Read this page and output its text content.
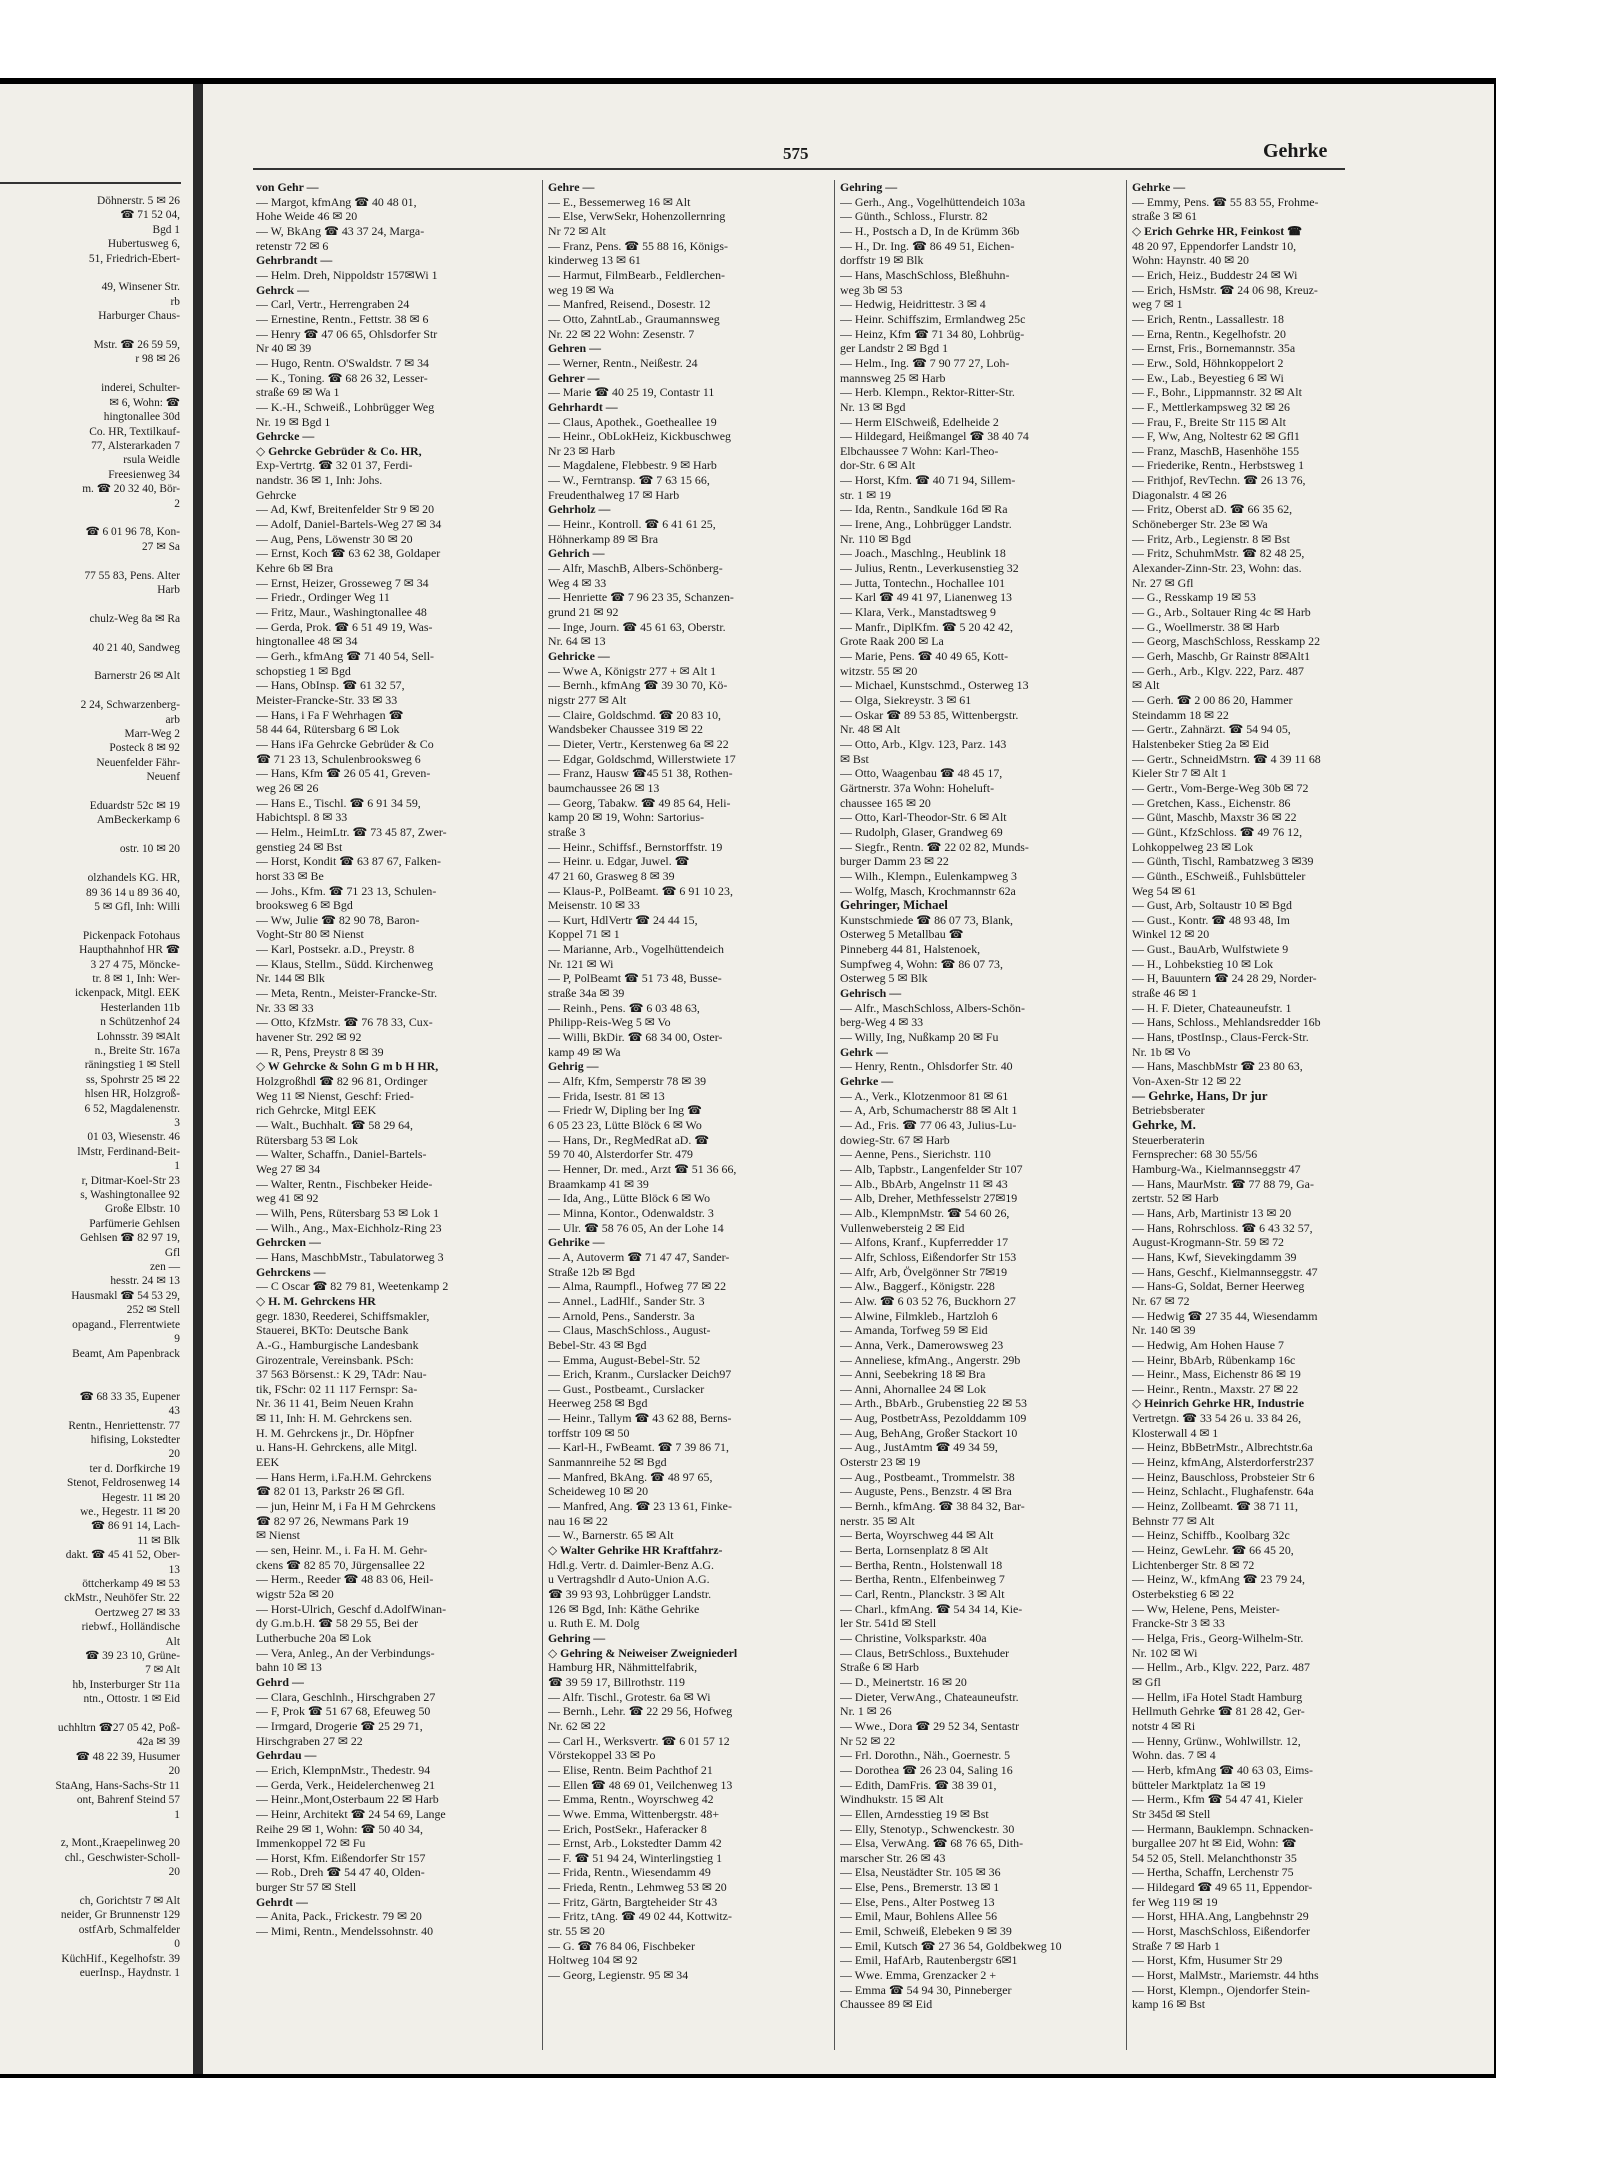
Döhnerstr. 5 ✉ 26
☎ 71 52 04,
Bgd 1
Hubertusweg 6,
51, Friedrich-Ebert-

49, Winsener Str.
rb
Harburger Chaus-

Mstr. ☎ 26 59 59,
r 98 ✉ 26

inderei, Schulter-
✉ 6, Wohn: ☎
hingtonallee 30d
Co. HR, Textilkauf-
77, Alsterarkaden 7
rsula Weidle
Freesienweg 34
m. ☎ 20 32 40, Bör-
2

☎ 6 01 96 78, Kon-
27 ✉ Sa

77 55 83, Pens. Alter
Harb

chulz-Weg 8a ✉ Ra

40 21 40, Sandweg

Barnerstr 26 ✉ Alt

2 24, Schwarzenberg-
arb
Marr-Weg 2
Posteck 8 ✉ 92
Neuenfelder Fähr-
Neuenf

Eduardstr 52c ✉ 19
AmBeckerkamp 6

ostr. 10 ✉ 20

olzhandels KG. HR,
89 36 14 u 89 36 40,
5 ✉ Gfl, Inh: Willi

Pickenpack Fotohaus
Haupthahnhof HR ☎
3 27 4 75, Möncke-
tr. 8 ✉ 1, Inh: Wer-
ickenpack, Mitgl. EEK
Hesterlanden 11b
n Schützenhof 24
Lohnsstr. 39 ✉Alt
n., Breite Str. 167a
räningstieg 1 ✉ Stell
ss, Spohrstr 25 ✉ 22
hlsen HR, Holzgroß-
6 52, Magdalenenstr.
3
01 03, Wiesenstr. 46
lMstr, Ferdinand-Beit-
1
r, Ditmar-Koel-Str 23
s, Washingtonallee 92
Große Elbstr. 10
Parfümerie Gehlsen
Gehlsen ☎ 82 97 19,
Gfl
zen —
hesstr. 24 ✉ 13
Hausmakl ☎ 54 53 29,
252 ✉ Stell
opagand., Flerrentwiete
9
Beamt, Am Papenbrack

☎ 68 33 35, Eupener
43
Rentn., Henriettenstr. 77
hifising, Lokstedter
20
ter d. Dorfkirche 19
Stenot, Feldrosenweg 14
Hegestr. 11 ✉ 20
we., Hegestr. 11 ✉ 20
☎ 86 91 14, Lach-
11 ✉ Blk
dakt. ☎ 45 41 52, Ober-
13
öttcherkamp 49 ✉ 53
ckMstr., Neuhöfer Str. 22
Oertzweg 27 ✉ 33
riebwf., Holländische
Alt
☎ 39 23 10, Grüne-
7 ✉ Alt
hb, Insterburger Str 11a
ntn., Ottostr. 1 ✉ Eid

uchhltrn ☎27 05 42, Poß-
42a ✉ 39
☎ 48 22 39, Husumer
20
StaAng, Hans-Sachs-Str 11
ont, Bahrenf Steind 57
1

z, Mont.,Kraepelinweg 20
chl., Geschwister-Scholl-
20

ch, Gorichtstr 7 ✉ Alt
neider, Gr Brunnenstr 129
ostfArb, Schmalfelder
0
KüchHif., Kegelhofstr. 39
euerInsp., Haydnstr. 1
575	Gehrke
von Gehr —
— Margot, kfmAng ☎ 40 48 01,
Hohe Weide 46 ✉ 20
— W, BkAng ☎ 43 37 24, Marga-
retenstr 72 ✉ 6
Gehrbrandt —
— Helm. Dreh, Nippoldstr 157✉Wi 1
Gehrck —
— Carl, Vertr., Herrengraben 24
— Ernestine, Rentn., Fettstr. 38 ✉ 6
— Henry ☎ 47 06 65, Ohlsdorfer Str
Nr 40 ✉ 39
— Hugo, Rentn. O'Swaldstr. 7 ✉ 34
— K., Toning. ☎ 68 26 32, Lesser-
straße 69 ✉ Wa 1
— K.-H., Schweiß., Lohbrügger Weg
Nr. 19 ✉ Bgd 1
Gehrcke —
◇ Gehrcke Gebrüder & Co. HR,
Exp-Vertrtg. ☎ 32 01 37, Ferdi-
nandstr. 36 ✉ 1, Inh: Johs.
Gehrcke
— Ad, Kwf, Breitenfelder Str 9 ✉ 20
— Adolf, Daniel-Bartels-Weg 27 ✉ 34
— Aug, Pens, Löwenstr 30 ✉ 20
— Ernst, Koch ☎ 63 62 38, Goldaper
Kehre 6b ✉ Bra
— Ernst, Heizer, Grosseweg 7 ✉ 34
— Friedr., Ordinger Weg 11
— Fritz, Maur., Washingtonallee 48
— Gerda, Prok. ☎ 6 51 49 19, Was-
hingtonallee 48 ✉ 34
— Gerh., kfmAng ☎ 71 40 54, Sell-
schopstieg 1 ✉ Bgd
— Hans, ObInsp. ☎ 61 32 57,
Meister-Francke-Str. 33 ✉ 33
— Hans, i Fa F Wehrhagen ☎
58 44 64, Rütersbarg 6 ✉ Lok
— Hans iFa Gehrcke Gebrüder & Co
☎ 71 23 13, Schulenbrooksweg 6
— Hans, Kfm ☎ 26 05 41, Greven-
weg 26 ✉ 26
— Hans E., Tischl. ☎ 6 91 34 59,
Habichtspl. 8 ✉ 33
— Helm., HeimLtr. ☎ 73 45 87, Zwer-
genstieg 24 ✉ Bst
— Horst, Kondit ☎ 63 87 67, Falken-
horst 33 ✉ Be
— Johs., Kfm. ☎ 71 23 13, Schulen-
brooksweg 6 ✉ Bgd
— Ww, Julie ☎ 82 90 78, Baron-
Voght-Str 80 ✉ Nienst
— Karl, Postsekr. a.D., Preystr. 8
— Klaus, Stellm., Südd. Kirchenweg
Nr. 144 ✉ Blk
— Meta, Rentn., Meister-Francke-Str.
Nr. 33 ✉ 33
— Otto, KfzMstr. ☎ 76 78 33, Cux-
havener Str. 292 ✉ 92
— R, Pens, Preystr 8 ✉ 39
◇ W Gehrcke & Sohn G m b H HR,
Holzgroßhdl ☎ 82 96 81, Ordinger
Weg 11 ✉ Nienst, Geschf: Fried-
rich Gehrcke, Mitgl EEK
— Walt., Buchhalt. ☎ 58 29 64,
Rütersbarg 53 ✉ Lok
— Walter, Schaffn., Daniel-Bartels-
Weg 27 ✉ 34
— Walter, Rentn., Fischbeker Heide-
weg 41 ✉ 92
— Wilh, Pens, Rütersbarg 53 ✉ Lok 1
— Wilh., Ang., Max-Eichholz-Ring 23
Gehrcken —
— Hans, MaschbMstr., Tabulatorweg 3
Gehrckens —
— C Oscar ☎ 82 79 81, Weetenkamp 2
◇ H. M. Gehrckens HR
gegr. 1830, Reederei, Schiffsmakler,
Stauerei, BKTo: Deutsche Bank
A.-G., Hamburgische Landesbank
Girozentrale, Vereinsbank. PSch:
37 563 Börsenst.: K 29, TAdr: Nau-
tik, FSchr: 02 11 117 Fernspr: Sa-
Nr. 36 11 41, Beim Neuen Krahn
✉ 11, Inh: H. M. Gehrckens sen.
H. M. Gehrckens jr., Dr. Höpfner
u. Hans-H. Gehrckens, alle Mitgl.
EEK
— Hans Herm, i.Fa.H.M. Gehrckens
☎ 82 01 13, Parkstr 26 ✉ Gfl.
— jun, Heinr M, i Fa H M Gehrckens
☎ 82 97 26, Newmans Park 19
✉ Nienst
— sen, Heinr. M., i. Fa H. M. Gehr-
ckens ☎ 82 85 70, Jürgensallee 22
— Herm., Reeder ☎ 48 83 06, Heil-
wigstr 52a ✉ 20
— Horst-Ulrich, Geschf d.AdolfWinan-
dy G.m.b.H. ☎ 58 29 55, Bei der
Lutherbuche 20a ✉ Lok
— Vera, Anleg., An der Verbindungs-
bahn 10 ✉ 13
Gehrd —
— Clara, Geschlnh., Hirschgraben 27
— F, Prok ☎ 51 67 68, Efeuweg 50
— Irmgard, Drogerie ☎ 25 29 71,
Hirschgraben 27 ✉ 22
Gehrdau —
— Erich, KlempnMstr., Thedestr. 94
— Gerda, Verk., Heidelerchenweg 21
— Heinr.,Mont,Osterbaum 22 ✉ Harb
— Heinr, Architekt ☎ 24 54 69, Lange
Reihe 29 ✉ 1, Wohn: ☎ 50 40 34,
Immenkoppel 72 ✉ Fu
— Horst, Kfm. Eißendorfer Str 157
— Rob., Dreh ☎ 54 47 40, Olden-
burger Str 57 ✉ Stell
Gehrdt —
— Anita, Pack., Frickestr. 79 ✉ 20
— Mimi, Rentn., Mendelssohnstr. 40
Gehre —
— E., Bessemerweg 16 ✉ Alt
— Else, VerwSekr, Hohenzollernring
Nr 72 ✉ Alt
— Franz, Pens. ☎ 55 88 16, Königs-
kinderweg 13 ✉ 61
— Harmut, FilmBearb., Feldlerchen-
weg 19 ✉ Wa
— Manfred, Reisend., Dosestr. 12
— Otto, ZahntLab., Graumannsweg
Nr. 22 ✉ 22 Wohn: Zesenstr. 7
Gehren —
— Werner, Rentn., Neißestr. 24
Gehrer —
— Marie ☎ 40 25 19, Contastr 11
Gehrhardt —
— Claus, Apothek., Goetheallee 19
— Heinr., ObLokHeiz, Kickbuschweg
Nr 23 ✉ Harb
— Magdalene, Flebbestr. 9 ✉ Harb
— W., Ferntransp. ☎ 7 63 15 66,
Freudenthalweg 17 ✉ Harb
Gehrholz —
— Heinr., Kontroll. ☎ 6 41 61 25,
Höhnerkamp 89 ✉ Bra
Gehrich —
— Alfr, MaschB, Albers-Schönberg-
Weg 4 ✉ 33
— Henriette ☎ 7 96 23 35, Schanzen-
grund 21 ✉ 92
— Inge, Journ. ☎ 45 61 63, Oberstr.
Nr. 64 ✉ 13
Gehricke —
— Wwe A, Königstr 277 + ✉ Alt 1
— Bernh., kfmAng ☎ 39 30 70, Kö-
nigstr 277 ✉ Alt
— Claire, Goldschmd. ☎ 20 83 10,
Wandsbeker Chaussee 319 ✉ 22
— Dieter, Vertr., Kerstenweg 6a ✉ 22
— Edgar, Goldschmd, Willerstwiete 17
— Franz, Hausw ☎45 51 38, Rothen-
baumchaussee 26 ✉ 13
— Georg, Tabakw. ☎ 49 85 64, Heli-
kamp 20 ✉ 19, Wohn: Sartorius-
straße 3
— Heinr., Schiffsf., Bernstorffstr. 19
— Heinr. u. Edgar, Juwel. ☎
47 21 60, Grasweg 8 ✉ 39
— Klaus-P., PolBeamt. ☎ 6 91 10 23,
Meisenstr. 10 ✉ 33
— Kurt, HdlVertr ☎ 24 44 15,
Koppel 71 ✉ 1
— Marianne, Arb., Vogelhüttendeich
Nr. 121 ✉ Wi
— P, PolBeamt ☎ 51 73 48, Busse-
straße 34a ✉ 39
— Reinh., Pens. ☎ 6 03 48 63,
Philipp-Reis-Weg 5 ✉ Vo
— Willi, BkDir. ☎ 68 34 00, Oster-
kamp 49 ✉ Wa
Gehrig —
— Alfr, Kfm, Semperstr 78 ✉ 39
— Frida, Isestr. 81 ✉ 13
— Friedr W, Dipling ber Ing ☎
6 05 23 23, Lütte Blöck 6 ✉ Wo
— Hans, Dr., RegMedRat aD. ☎
59 70 40, Alsterdorfer Str. 479
— Henner, Dr. med., Arzt ☎ 51 36 66,
Braamkamp 41 ✉ 39
— Ida, Ang., Lütte Blöck 6 ✉ Wo
— Minna, Kontor., Odenwaldstr. 3
— Ulr. ☎ 58 76 05, An der Lohe 14
Gehrike —
— A, Autoverm ☎ 71 47 47, Sander-
Straße 12b ✉ Bgd
— Alma, Raumpfl., Hofweg 77 ✉ 22
— Annel., LadHlf., Sander Str. 3
— Arnold, Pens., Sanderstr. 3a
— Claus, MaschSchloss., August-
Bebel-Str. 43 ✉ Bgd
— Emma, August-Bebel-Str. 52
— Erich, Kranm., Curslacker Deich97
— Gust., Postbeamt., Curslacker
Heerweg 258 ✉ Bgd
— Heinr., Tallym ☎ 43 62 88, Berns-
torffstr 109 ✉ 50
— Karl-H., FwBeamt. ☎ 7 39 86 71,
Sanmannreihe 52 ✉ Bgd
— Manfred, BkAng. ☎ 48 97 65,
Scheideweg 10 ✉ 20
— Manfred, Ang. ☎ 23 13 61, Finke-
nau 16 ✉ 22
— W., Barnerstr. 65 ✉ Alt
◇ Walter Gehrike HR Kraftfahrz-
Hdl.g. Vertr. d. Daimler-Benz A.G.
u Vertragshdlr d Auto-Union A.G.
☎ 39 93 93, Lohbrügger Landstr.
126 ✉ Bgd, Inh: Käthe Gehrike
u. Ruth E. M. Dolg
Gehring —
◇ Gehring & Neiweiser Zweigniederl
Hamburg HR, Nähmittelfabrik,
☎ 39 59 17, Billrothstr. 119
— Alfr. Tischl., Grotestr. 6a ✉ Wi
— Bernh., Lehr. ☎ 22 29 56, Hofweg
Nr. 62 ✉ 22
— Carl H., Werksvertr. ☎ 6 01 57 12
Vörstekoppel 33 ✉ Po
— Elise, Rentn. Beim Pachthof 21
— Ellen ☎ 48 69 01, Veilchenweg 13
— Emma, Rentn., Woyrschweg 42
— Wwe. Emma, Wittenbergstr. 48+
— Erich, PostSekr., Haferacker 8
— Ernst, Arb., Lokstedter Damm 42
— F. ☎ 51 94 24, Winterlingstieg 1
— Frida, Rentn., Wiesendamm 49
— Frieda, Rentn., Lehmweg 53 ✉ 20
— Fritz, Gärtn, Bargteheider Str 43
— Fritz, tAng. ☎ 49 02 44, Kottwitz-
str. 55 ✉ 20
— G. ☎ 76 84 06, Fischbeker
Holtweg 104 ✉ 92
— Georg, Legienstr. 95 ✉ 34
Gehring —
— Gerh., Ang., Vogelhüttendeich 103a
— Günth., Schloss., Flurstr. 82
— H., Postsch a D, In de Krümm 36b
— H., Dr. Ing. ☎ 86 49 51, Eichen-
dorffstr 19 ✉ Blk
— Hans, MaschSchloss, Bleßhuhn-
weg 3b ✉ 53
— Hedwig, Heidrittestr. 3 ✉ 4
— Heinr. Schiffszim, Ermlandweg 25c
— Heinz, Kfm ☎ 71 34 80, Lohbrüg-
ger Landstr 2 ✉ Bgd 1
— Helm., Ing. ☎ 7 90 77 27, Loh-
mannsweg 25 ✉ Harb
— Herb. Klempn., Rektor-Ritter-Str.
Nr. 13 ✉ Bgd
— Herm ElSchweiß, Edelheide 2
— Hildegard, Heißmangel ☎ 38 40 74
Elbchaussee 7 Wohn: Karl-Theo-
dor-Str. 6 ✉ Alt
— Horst, Kfm. ☎ 40 71 94, Sillem-
str. 1 ✉ 19
— Ida, Rentn., Sandkule 16d ✉ Ra
— Irene, Ang., Lohbrügger Landstr.
Nr. 110 ✉ Bgd
— Joach., Maschlng., Heublink 18
— Julius, Rentn., Leverkusenstieg 32
— Jutta, Tontechn., Hochallee 101
— Karl ☎ 49 41 97, Lianenweg 13
— Klara, Verk., Manstadtsweg 9
— Manfr., DiplKfm. ☎ 5 20 42 42,
Grote Raak 200 ✉ La
— Marie, Pens. ☎ 40 49 65, Kott-
witzstr. 55 ✉ 20
— Michael, Kunstschmd., Osterweg 13
— Olga, Siekreystr. 3 ✉ 61
— Oskar ☎ 89 53 85, Wittenbergstr.
Nr. 48 ✉ Alt
— Otto, Arb., Klgv. 123, Parz. 143
✉ Bst
— Otto, Waagenbau ☎ 48 45 17,
Gärtnerstr. 37a Wohn: Hoheluft-
chaussee 165 ✉ 20
— Otto, Karl-Theodor-Str. 6 ✉ Alt
— Rudolph, Glaser, Grandweg 69
— Siegfr., Rentn. ☎ 22 02 82, Munds-
burger Damm 23 ✉ 22
— Wilh., Klempn., Eulenkampweg 3
— Wolfg, Masch, Krochmannstr 62a
Gehringer, Michael
Kunstschmiede ☎ 86 07 73, Blank,
Osterweg 5 Metallbau ☎
Pinneberg 44 81, Halstenoek,
Sumpfweg 4, Wohn: ☎ 86 07 73,
Osterweg 5 ✉ Blk
Gehrisch —
— Alfr., MaschSchloss, Albers-Schön-
berg-Weg 4 ✉ 33
— Willy, Ing, Nußkamp 20 ✉ Fu
Gehrk —
— Henry, Rentn., Ohlsdorfer Str. 40
Gehrke —
— A., Verk., Klotzenmoor 81 ✉ 61
— A, Arb, Schumacherstr 88 ✉ Alt 1
— Ad., Fris. ☎ 77 06 43, Julius-Lu-
dowieg-Str. 67 ✉ Harb
— Aenne, Pens., Sierichstr. 110
— Alb, Tapbstr., Langenfelder Str 107
— Alb., BbArb, Angelnstr 11 ✉ 43
— Alb, Dreher, Methfesselstr 27✉19
— Alb., KlempnMstr. ☎ 54 60 26,
Vullenwebersteig 2 ✉ Eid
— Alfons, Kranf., Kupferredder 17
— Alfr, Schloss, Eißendorfer Str 153
— Alfr, Arb, Övelgönner Str 7✉19
— Alw., Baggerf., Königstr. 228
— Alw. ☎ 6 03 52 76, Buckhorn 27
— Alwine, Filmkleb., Hartzloh 6
— Amanda, Torfweg 59 ✉ Eid
— Anna, Verk., Damerowsweg 23
— Anneliese, kfmAng., Angerstr. 29b
— Anni, Seebekring 18 ✉ Bra
— Anni, Ahornallee 24 ✉ Lok
— Arth., BbArb., Grubenstieg 22 ✉ 53
— Aug, PostbetrAss, Pezolddamm 109
— Aug, BehAng, Großer Stackort 10
— Aug., JustAmtm ☎ 49 34 59,
Osterstr 23 ✉ 19
— Aug., Postbeamt., Trommelstr. 38
— Auguste, Pens., Benzstr. 4 ✉ Bra
— Bernh., kfmAng. ☎ 38 84 32, Bar-
nerstr. 35 ✉ Alt
— Berta, Woyrschweg 44 ✉ Alt
— Berta, Lornsenplatz 8 ✉ Alt
— Bertha, Rentn., Holstenwall 18
— Bertha, Rentn., Elfenbeinweg 7
— Carl, Rentn., Planckstr. 3 ✉ Alt
— Charl., kfmAng. ☎ 54 34 14, Kie-
ler Str. 541d ✉ Stell
— Christine, Volksparkstr. 40a
— Claus, BetrSchloss., Buxtehuder
Straße 6 ✉ Harb
— D., Meinertstr. 16 ✉ 20
— Dieter, VerwAng., Chateauneufstr.
Nr. 1 ✉ 26
— Wwe., Dora ☎ 29 52 34, Sentastr
Nr 52 ✉ 22
— Frl. Dorothn., Näh., Goernestr. 5
— Dorothea ☎ 26 23 04, Saling 16
— Edith, DamFris. ☎ 38 39 01,
Windhukstr. 15 ✉ Alt
— Ellen, Arndesstieg 19 ✉ Bst
— Elly, Stenotyp., Schwenckestr. 30
— Elsa, VerwAng. ☎ 68 76 65, Dith-
marscher Str. 26 ✉ 43
— Elsa, Neustädter Str. 105 ✉ 36
— Else, Pens., Bremerstr. 13 ✉ 1
— Else, Pens., Alter Postweg 13
— Emil, Maur, Bohlens Allee 56
— Emil, Schweiß, Elebeken 9 ✉ 39
— Emil, Kutsch ☎ 27 36 54, Goldbekweg 10
— Emil, HafArb, Rautenbergstr 6✉1
— Wwe. Emma, Grenzacker 2 +
— Emma ☎ 54 94 30, Pinneberger
Chaussee 89 ✉ Eid
Gehrke —
— Emmy, Pens. ☎ 55 83 55, Frohme-
straße 3 ✉ 61
◇ Erich Gehrke HR, Feinkost ☎
48 20 97, Eppendorfer Landstr 10,
Wohn: Haynstr. 40 ✉ 20
— Erich, Heiz., Buddestr 24 ✉ Wi
— Erich, HsMstr. ☎ 24 06 98, Kreuz-
weg 7 ✉ 1
— Erich, Rentn., Lassallestr. 18
— Erna, Rentn., Kegelhofstr. 20
— Ernst, Fris., Bornemannstr. 35a
— Erw., Sold, Höhnkoppelort 2
— Ew., Lab., Beyestieg 6 ✉ Wi
— F., Bohr., Lippmannstr. 32 ✉ Alt
— F., Mettlerkampsweg 32 ✉ 26
— Frau, F., Breite Str 115 ✉ Alt
— F, Ww, Ang, Noltestr 62 ✉ Gfl1
— Franz, MaschB, Hasenhöhe 155
— Friederike, Rentn., Herbstsweg 1
— Frithjof, RevTechn. ☎ 26 13 76,
Diagonalstr. 4 ✉ 26
— Fritz, Oberst aD. ☎ 66 35 62,
Schöneberger Str. 23e ✉ Wa
— Fritz, Arb., Legienstr. 8 ✉ Bst
— Fritz, SchuhmMstr. ☎ 82 48 25,
Alexander-Zinn-Str. 23, Wohn: das.
Nr. 27 ✉ Gfl
— G., Resskamp 19 ✉ 53
— G., Arb., Soltauer Ring 4c ✉ Harb
— G., Woellmerstr. 38 ✉ Harb
— Georg, MaschSchloss, Resskamp 22
— Gerh, Maschb, Gr Rainstr 8✉Alt1
— Gerh., Arb., Klgv. 222, Parz. 487
✉ Alt
— Gerh. ☎ 2 00 86 20, Hammer
Steindamm 18 ✉ 22
— Gertr., Zahnärzt. ☎ 54 94 05,
Halstenbeker Stieg 2a ✉ Eid
— Gertr., SchneidMstrn. ☎ 4 39 11 68
Kieler Str 7 ✉ Alt 1
— Gertr., Vom-Berge-Weg 30b ✉ 72
— Gretchen, Kass., Eichenstr. 86
— Günt, Maschb, Maxstr 36 ✉ 22
— Günt., KfzSchloss. ☎ 49 76 12,
Lohkoppelweg 23 ✉ Lok
— Günth, Tischl, Rambatzweg 3 ✉39
— Günth., ESchweiß., Fuhlsbütteler
Weg 54 ✉ 61
— Gust, Arb, Soltaustr 10 ✉ Bgd
— Gust., Kontr. ☎ 48 93 48, Im
Winkel 12 ✉ 20
— Gust., BauArb, Wulfstwiete 9
— H., Lohbekstieg 10 ✉ Lok
— H, Bauuntern ☎ 24 28 29, Norder-
straße 46 ✉ 1
— H. F. Dieter, Chateauneufstr. 1
— Hans, Schloss., Mehlandsredder 16b
— Hans, tPostInsp., Claus-Ferck-Str.
Nr. 1b ✉ Vo
— Hans, MaschbMstr ☎ 23 80 63,
Von-Axen-Str 12 ✉ 22
— Gehrke, Hans, Dr jur
Betriebsberater
Gehrke, M.
Steuerberaterin
Fernsprecher: 68 30 55/56
Hamburg-Wa., Kielmannseggstr 47
— Hans, MaurMstr. ☎ 77 88 79, Ga-
zertstr. 52 ✉ Harb
— Hans, Arb, Martinistr 13 ✉ 20
— Hans, Rohrschloss. ☎ 6 43 32 57,
August-Krogmann-Str. 59 ✉ 72
— Hans, Kwf, Sievekingdamm 39
— Hans, Geschf., Kielmannseggstr. 47
— Hans-G, Soldat, Berner Heerweg
Nr. 67 ✉ 72
— Hedwig ☎ 27 35 44, Wiesendamm
Nr. 140 ✉ 39
— Hedwig, Am Hohen Hause 7
— Heinr, BbArb, Rübenkamp 16c
— Heinr., Mass, Eichenstr 86 ✉ 19
— Heinr., Rentn., Maxstr. 27 ✉ 22
◇ Heinrich Gehrke HR, Industrie
Vertretgn. ☎ 33 54 26 u. 33 84 26,
Klosterwall 4 ✉ 1
— Heinz, BbBetrMstr., Albrechtstr.6a
— Heinz, kfmAng, Alsterdorferstr237
— Heinz, Bauschloss, Probsteier Str 6
— Heinz, Schlacht., Flughafenstr. 64a
— Heinz, Zollbeamt. ☎ 38 71 11,
Behnstr 77 ✉ Alt
— Heinz, Schiffb., Koolbarg 32c
— Heinz, GewLehr. ☎ 66 45 20,
Lichtenberger Str. 8 ✉ 72
— Heinz, W., kfmAng ☎ 23 79 24,
Osterbekstieg 6 ✉ 22
— Ww, Helene, Pens, Meister-
Francke-Str 3 ✉ 33
— Helga, Fris., Georg-Wilhelm-Str.
Nr. 102 ✉ Wi
— Hellm., Arb., Klgv. 222, Parz. 487
✉ Gfl
— Hellm, iFa Hotel Stadt Hamburg
Hellmuth Gehrke ☎ 81 28 42, Ger-
notstr 4 ✉ Ri
— Henny, Grünw., Wohlwillstr. 12,
Wohn. das. 7 ✉ 4
— Herb, kfmAng ☎ 40 63 03, Eims-
bütteler Marktplatz 1a ✉ 19
— Herm., Kfm ☎ 54 47 41, Kieler
Str 345d ✉ Stell
— Hermann, Bauklempn. Schnacken-
burgallee 207 ht ✉ Eid, Wohn: ☎
54 52 05, Stell. Melanchthonstr 35
— Hertha, Schaffn, Lerchenstr 75
— Hildegard ☎ 49 65 11, Eppendor-
fer Weg 119 ✉ 19
— Horst, HHA.Ang, Langbehnstr 29
— Horst, MaschSchloss, Eißendorfer
Straße 7 ✉ Harb 1
— Horst, Kfm, Husumer Str 29
— Horst, MalMstr., Mariemstr. 44 hths
— Horst, Klempn., Ojendorfer Stein-
kamp 16 ✉ Bst
